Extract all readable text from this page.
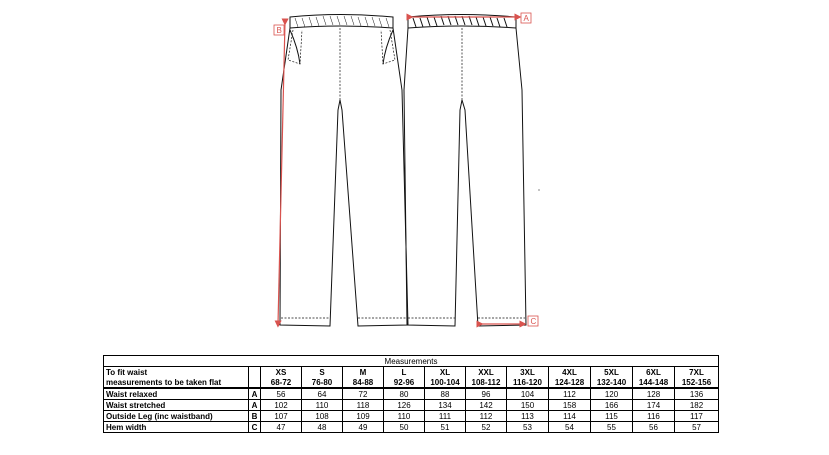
B
A
C
Measurements												
To fit waist		XS	S	M	L	XL	XXL	3XL	4XL	5XL	6XL	7XL
measurements to be taken flat		68-72	76-80	84-88	92-96	100-104	108-112	116-120	124-128	132-140	144-148	152-156
Waist relaxed	A	56	64	72	80	88	96	104	112	120	128	136
Waist stretched	A	102	110	118	126	134	142	150	158	166	174	182
Outside Leg (inc waistband)	B	107	108	109	110	111	112	113	114	115	116	117
Hem width	C	47	48	49	50	51	52	53	54	55	56	57
